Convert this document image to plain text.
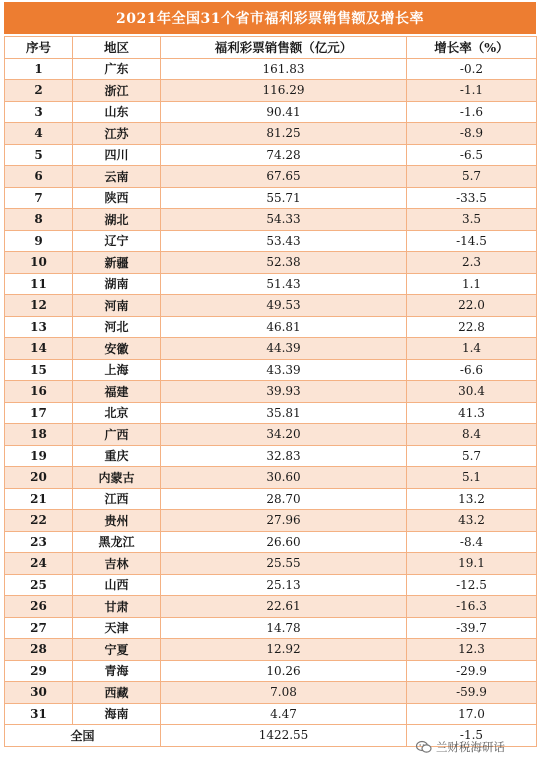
2021年全国31个省市福利彩票销售额及增长率
序号	地区	福利彩票销售额（亿元）	增长率（%）
1	广东	161.83	-0.2
2	浙江	116.29	-1.1
3	山东	90.41	-1.6
4	江苏	81.25	-8.9
5	四川	74.28	-6.5
6	云南	67.65	5.7
7	陕西	55.71	-33.5
8	湖北	54.33	3.5
9	辽宁	53.43	-14.5
10	新疆	52.38	2.3
11	湖南	51.43	1.1
12	河南	49.53	22.0
13	河北	46.81	22.8
14	安徽	44.39	1.4
15	上海	43.39	-6.6
16	福建	39.93	30.4
17	北京	35.81	41.3
18	广西	34.20	8.4
19	重庆	32.83	5.7
20	内蒙古	30.60	5.1
21	江西	28.70	13.2
22	贵州	27.96	43.2
23	黑龙江	26.60	-8.4
24	吉林	25.55	19.1
25	山西	25.13	-12.5
26	甘肃	22.61	-16.3
27	天津	14.78	-39.7
28	宁夏	12.92	12.3
29	青海	10.26	-29.9
30	西藏	7.08	-59.9
31	海南	4.47	17.0
全国		1422.55	-1.5
兰财税海研话
